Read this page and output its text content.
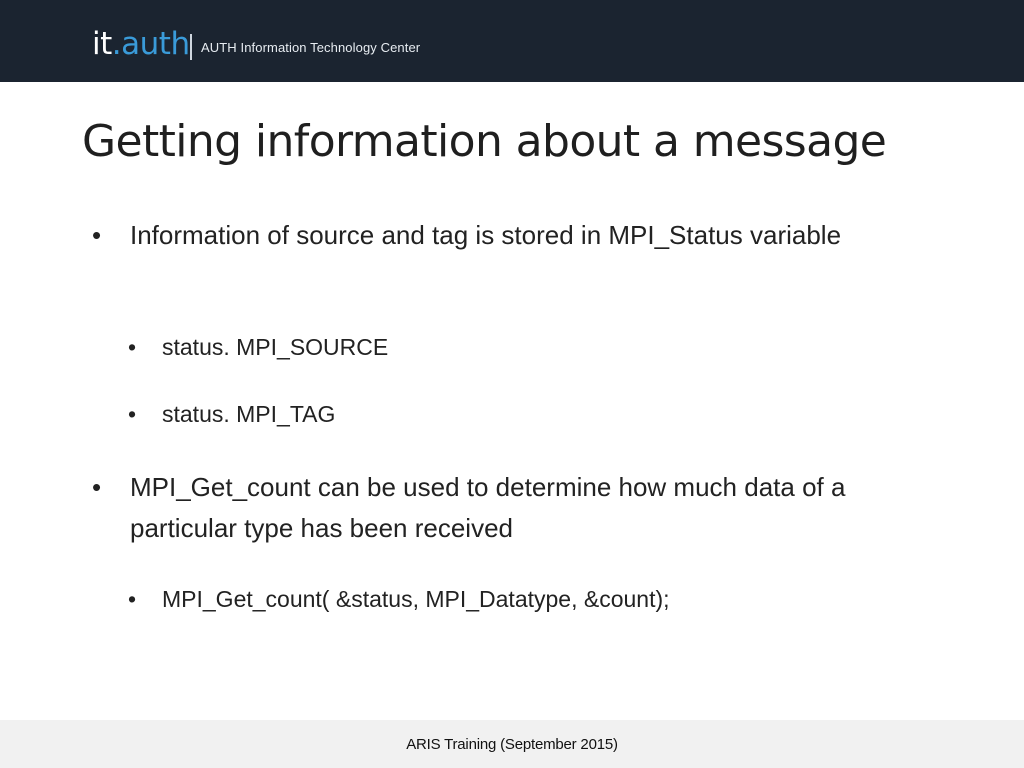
it.auth AUTH Information Technology Center
Getting information about a message
•	Information of source and tag is stored in MPI_Status variable
•	status. MPI_SOURCE
•	status. MPI_TAG
•	MPI_Get_count can be used to determine how much data of a particular type has been received
•	MPI_Get_count( &status, MPI_Datatype, &count);
ARIS Training (September 2015)
